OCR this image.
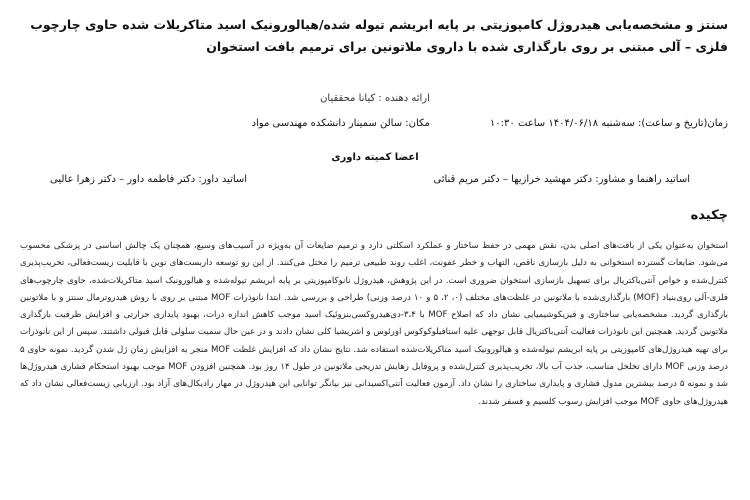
سنتز و مشخصه‌یابی هیدروژل کامپوزیتی بر پایه ابریشم تیوله شده/هیالورونیک اسید متاکریلات شده حاوی چارچوب فلزی – آلی مبتنی بر روی بارگذاری شده با داروی ملاتونین برای ترمیم بافت استخوان
ارائه دهنده : کیانا محققیان
زمان(تاریخ و ساعت): سه‌شنبه ۱۴۰۴/۰۶/۱۸ ساعت ۱۰:۳۰
مکان: سالن سمینار دانشکده مهندسی مواد
اعضا کمیته داوری
اساتید راهنما و مشاور: دکتر مهشید خرازیها – دکتر مریم قنائی
اساتید داور: دکتر فاطمه داور – دکتر زهرا عالیی
چکیده
استخوان به‌عنوان یکی از بافت‌های اصلی بدن، نقش مهمی در حفظ ساختار و عملکرد اسکلتی دارد و ترمیم ضایعات آن به‌ویژه در آسیب‌های وسیع، همچنان یک چالش اساسی در پزشکی محسوب می‌شود. ضایعات گسترده استخوانی به دلیل بازسازی ناقص، التهاب و خطر عفونت، اغلب روند طبیعی ترمیم را مختل می‌کنند. از این رو توسعه داربست‌های نوین با قابلیت زیست‌فعالی، تخریب‌پذیری کنترل‌شده و خواص آنتی‌باکتریال برای تسهیل بازسازی استخوان ضروری است. در این پژوهش، هیدروژل نانوکامپوزیتی بر پایه ابریشم تیوله‌شده و هیالورونیک اسید متاکریلات‌شده، حاوی چارچوب‌های فلزی-آلی روی‌بنیاد (MOF) بارگذاری‌شده با ملاتونین در غلظت‌های مختلف (۰، ۲، ۵ و ۱۰ درصد وزنی) طراحی و بررسی شد. ابتدا نانوذرات MOF مبتنی بر روی با روش هیدروترمال سنتز و با ملاتونین بارگذاری گردید. مشخصه‌یابی ساختاری و فیزیکوشیمیایی نشان داد که اصلاح MOF با ۳،۴-دی‌هیدروکسی‌بنزوئیک اسید موجب کاهش اندازه ذرات، بهبود پایداری حرارتی و افزایش ظرفیت بارگذاری ملاتونین گردید. همچنین این نانوذرات فعالیت آنتی‌باکتریال قابل توجهی علیه استافیلوکوکوس اورئوس و اشریشیا کلی نشان دادند و در عین حال سمیت سلولی قابل قبولی داشتند. سپس از این نانوذرات برای تهیه هیدروژل‌های کامپوزیتی بر پایه ابریشم تیوله‌شده و هیالورونیک اسید متاکریلات‌شده استفاده شد. نتایج نشان داد که افزایش غلظت MOF منجر به افزایش زمان ژل شدن گردید. نمونه حاوی ۵ درصد وزنی MOF دارای تخلخل مناسب، جذب آب بالا، تخریب‌پذیری کنترل‌شده و پروفایل رهایش تدریجی ملاتونین در طول ۱۴ روز بود. همچنین افزودن MOF موجب بهبود استحکام فشاری هیدروژل‌ها شد و نمونه ۵ درصد بیشترین مدول فشاری و پایداری ساختاری را نشان داد. آزمون فعالیت آنتی‌اکسیدانی نیز بیانگر توانایی این هیدروژل در مهار رادیکال‌های آزاد بود. ارزیابی زیست‌فعالی نشان داد که هیدروژل‌های حاوی MOF موجب افزایش رسوب کلسیم و فسفر شدند.
